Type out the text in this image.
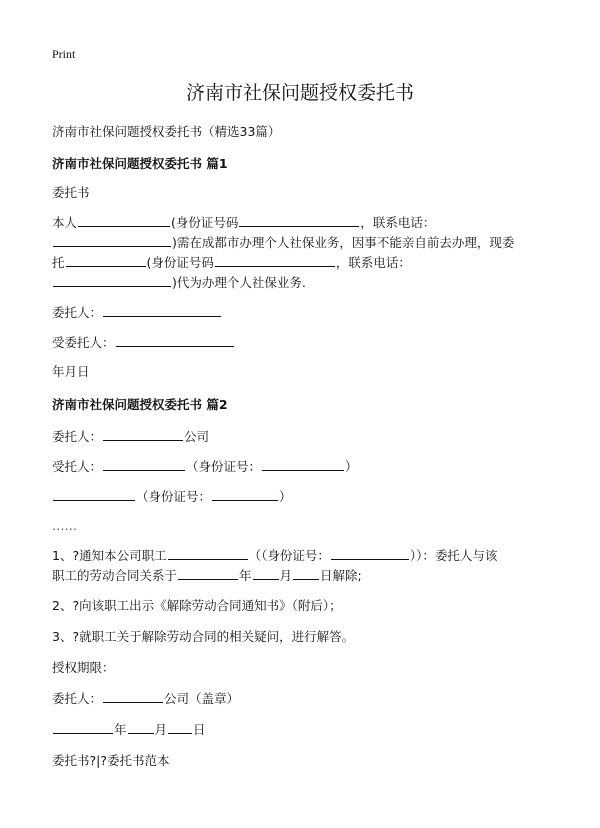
Print
济南市社保问题授权委托书
济南市社保问题授权委托书（精选33篇）
济南市社保问题授权委托书 篇1
委托书
本人	(身份证号码	，联系电话：
)需在成都市办理个人社保业务，因事不能亲自前去办理，现委
托	(身份证号码	，联系电话：
)代为办理个人社保业务.
委托人：
受委托人：
年月日
济南市社保问题授权委托书 篇2
委托人：	公司
受托人：	（身份证号：	）
（身份证号：	）
……
1、?通知本公司职工	（（身份证号：	））：委托人与该
职工的劳动合同关系于	年 月 日解除;
2、?向该职工出示《解除劳动合同通知书》（附后）；
3、?就职工关于解除劳动合同的相关疑问，进行解答。
授权期限：
委托人：	公司（盖章）
年 月 日
委托书?|?委托书范本
